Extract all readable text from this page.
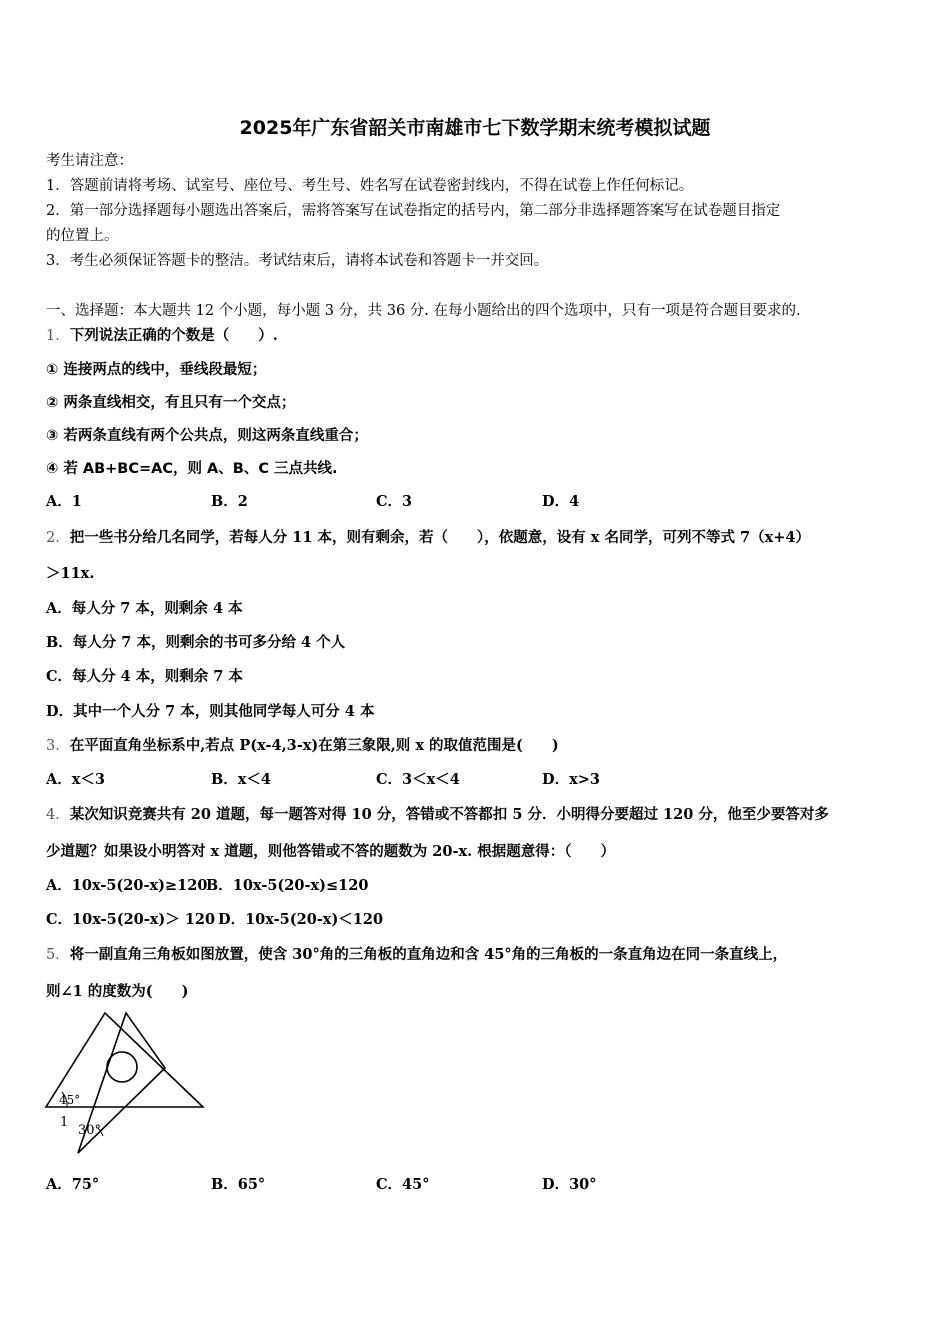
2025年广东省韶关市南雄市七下数学期末统考模拟试题
考生请注意：
1．答题前请将考场、试室号、座位号、考生号、姓名写在试卷密封线内，不得在试卷上作任何标记。
2．第一部分选择题每小题选出答案后，需将答案写在试卷指定的括号内，第二部分非选择题答案写在试卷题目指定
的位置上。
3．考生必须保证答题卡的整洁。考试结束后，请将本试卷和答题卡一并交回。
一、选择题：本大题共 12 个小题，每小题 3 分，共 36 分. 在每小题给出的四个选项中，只有一项是符合题目要求的.
1．下列说法正确的个数是（　　）.
① 连接两点的线中，垂线段最短；
② 两条直线相交，有且只有一个交点；
③ 若两条直线有两个公共点，则这两条直线重合；
④ 若 AB+BC=AC，则 A、B、C 三点共线.
A．1	B．2	C．3	D．4
2．把一些书分给几名同学，若每人分 11 本，则有剩余，若（　　），依题意，设有 x 名同学，可列不等式 7（x+4）
＞11x.
A．每人分 7 本，则剩余 4 本
B．每人分 7 本，则剩余的书可多分给 4 个人
C．每人分 4 本，则剩余 7 本
D．其中一个人分 7 本，则其他同学每人可分 4 本
3．在平面直角坐标系中,若点 P(x-4,3-x)在第三象限,则 x 的取值范围是(　　)
A．x＜3	B．x＜4	C．3＜x＜4	D．x>3
4．某次知识竞赛共有 20 道题，每一题答对得 10 分，答错或不答都扣 5 分．小明得分要超过 120 分，他至少要答对多
少道题？如果设小明答对 x 道题，则他答错或不答的题数为 20-x. 根据题意得：（　　）
A．10x-5(20-x)≥120
B．10x-5(20-x)≤120
C．10x-5(20-x)＞ 120 D．10x-5(20-x)＜120
5．将一副直角三角板如图放置，使含 30°角的三角板的直角边和含 45°角的三角板的一条直角边在同一条直线上，
则∠1 的度数为(　　)
45°
1
30°
A．75°	B．65°	C．45°	D．30°
